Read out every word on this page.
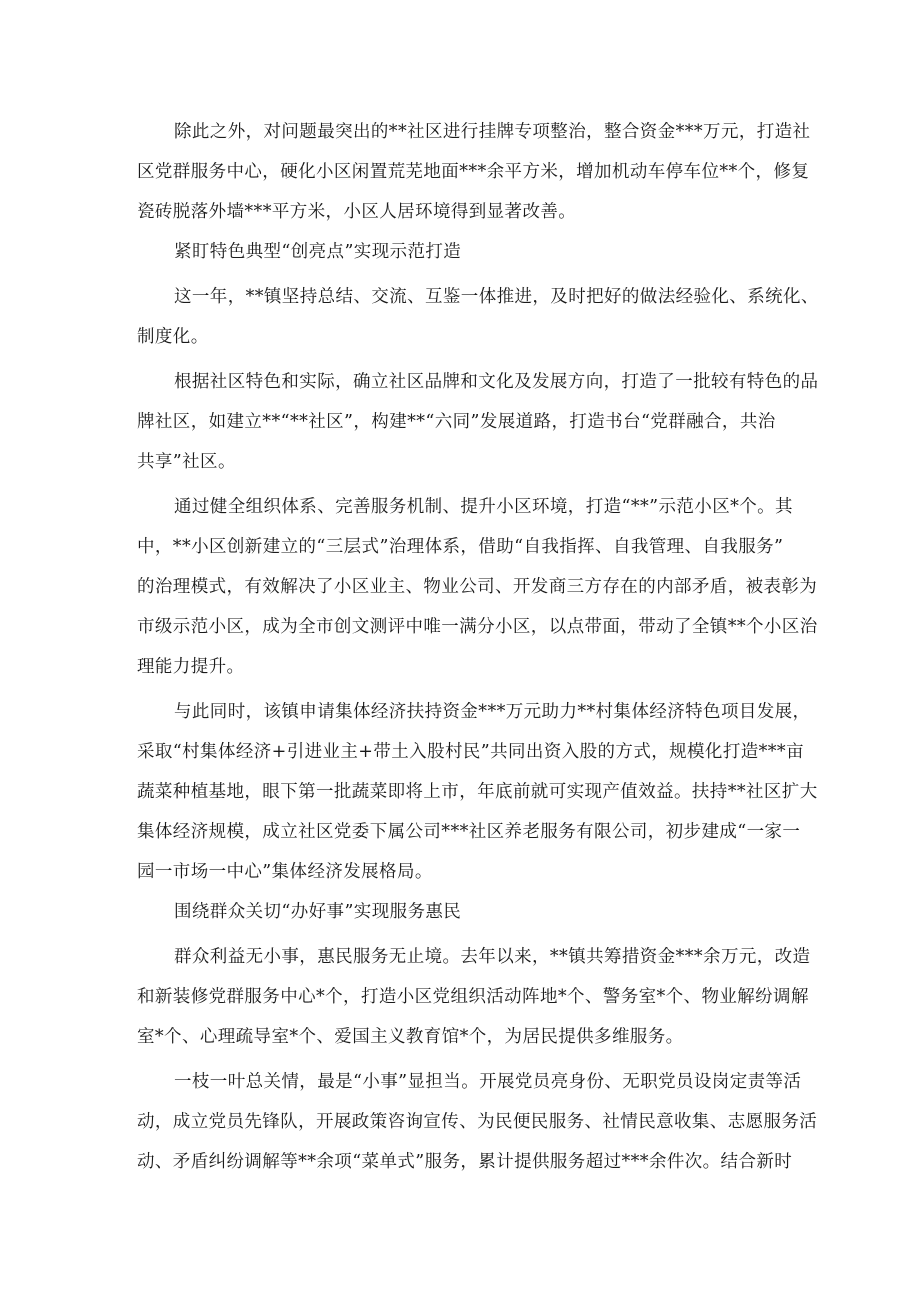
除此之外，对问题最突出的**社区进行挂牌专项整治，整合资金***万元，打造社
区党群服务中心，硬化小区闲置荒芜地面***余平方米，增加机动车停车位**个，修复
瓷砖脱落外墙***平方米，小区人居环境得到显著改善。
紧盯特色典型“创亮点”实现示范打造
这一年，**镇坚持总结、交流、互鉴一体推进，及时把好的做法经验化、系统化、
制度化。
根据社区特色和实际，确立社区品牌和文化及发展方向，打造了一批较有特色的品
牌社区，如建立**“**社区”，构建**“六同”发展道路，打造书台“党群融合，共治
共享”社区。
通过健全组织体系、完善服务机制、提升小区环境，打造“**”示范小区*个。其
中，**小区创新建立的“三层式”治理体系，借助“自我指挥、自我管理、自我服务”
的治理模式，有效解决了小区业主、物业公司、开发商三方存在的内部矛盾，被表彰为
市级示范小区，成为全市创文测评中唯一满分小区，以点带面，带动了全镇**个小区治
理能力提升。
与此同时，该镇申请集体经济扶持资金***万元助力**村集体经济特色项目发展，
采取“村集体经济+引进业主+带土入股村民”共同出资入股的方式，规模化打造***亩
蔬菜种植基地，眼下第一批蔬菜即将上市，年底前就可实现产值效益。扶持**社区扩大
集体经济规模，成立社区党委下属公司***社区养老服务有限公司，初步建成“一家一
园一市场一中心”集体经济发展格局。
围绕群众关切“办好事”实现服务惠民
群众利益无小事，惠民服务无止境。去年以来，**镇共筹措资金***余万元，改造
和新装修党群服务中心*个，打造小区党组织活动阵地*个、警务室*个、物业解纷调解
室*个、心理疏导室*个、爱国主义教育馆*个，为居民提供多维服务。
一枝一叶总关情，最是“小事”显担当。开展党员亮身份、无职党员设岗定责等活
动，成立党员先锋队，开展政策咨询宣传、为民便民服务、社情民意收集、志愿服务活
动、矛盾纠纷调解等**余项“菜单式”服务，累计提供服务超过***余件次。结合新时
